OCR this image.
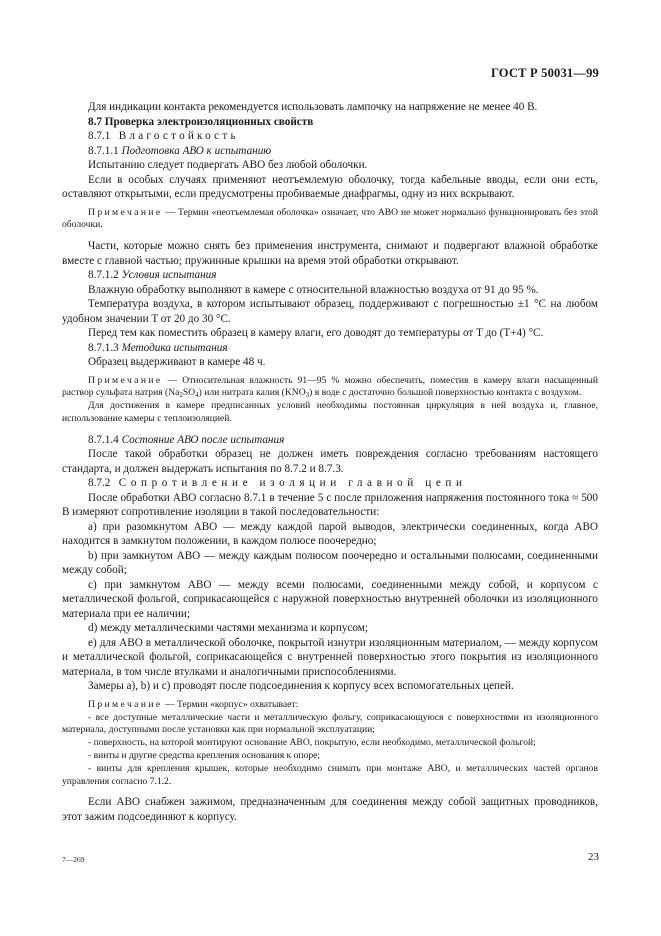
ГОСТ Р 50031—99

Для индикации контакта рекомендуется использовать лампочку на напряжение не менее 40 В.

8.7 Проверка электроизоляционных свойств

8.7.1 Влагостойкость

8.7.1.1 Подготовка АВО к испытанию

Испытанию следует подвергать АВО без любой оболочки.

Если в особых случаях применяют неотъемлемую оболочку, тогда кабельные вводы, если они есть, оставляют открытыми, если предусмотрены пробиваемые диафрагмы, одну из них вскрывают.

Примечание — Термин «неотъемлемая оболочка» означает, что АВО не может нормально функционировать без этой оболочки.

Части, которые можно снять без применения инструмента, снимают и подвергают влажной обработке вместе с главной частью; пружинные крышки на время этой обработки открывают.

8.7.1.2 Условия испытания

Влажную обработку выполняют в камере с относительной влажностью воздуха от 91 до 95 %.

Температура воздуха, в котором испытывают образец, поддерживают с погрешностью ±1 °С на любом удобном значении T от 20 до 30 °С.

Перед тем как поместить образец в камеру влаги, его доводят до температуры от T до (T+4) °С.

8.7.1.3 Методика испытания

Образец выдерживают в камере 48 ч.

Примечание — Относительная влажность 91—95 % можно обеспечить, поместив в камеру влаги насыщенный раствор сульфата натрия $(Na_2SO_4)$ или нитрата калия $(KNO_3)$ в воде с достаточно большой поверхностью контакта с воздухом.

Для достижения в камере предписанных условий необходимы постоянная циркуляция в ней воздуха и, главное, использование камеры с теплоизоляцией.

8.7.1.4 Состояние АВО после испытания

После такой обработки образец не должен иметь повреждения согласно требованиям настоящего стандарта, и должен выдержать испытания по 8.7.2 и 8.7.3.

8.7.2 Сопротивление изоляции главной цепи

После обработки АВО согласно 8.7.1 в течение 5 с после приложения напряжения постоянного тока ≈ 500 В измеряют сопротивление изоляции в такой последовательности:

а) при разомкнутом АВО — между каждой парой выводов, электрически соединенных, когда АВО находится в замкнутом положении, в каждом полюсе поочередно;

b) при замкнутом АВО — между каждым полюсом поочередно и остальными полюсами, соединенными между собой;

с) при замкнутом АВО — между всеми полюсами, соединенными между собой, и корпусом с металлической фольгой, соприкасающейся с наружной поверхностью внутренней оболочки из изоляционного материала при ее наличии;

d) между металлическими частями механизма и корпусом;

е) для АВО в металлической оболочке, покрытой изнутри изоляционным материалом, — между корпусом и металлической фольгой, соприкасающейся с внутренней поверхностью этого покрытия из изоляционного материала, в том числе втулками и аналогичными приспособлениями.

Замеры а), b) и с) проводят после подсоединения к корпусу всех вспомогательных цепей.

Примечание — Термин «корпус» охватывает:

- все доступные металлические части и металлическую фольгу, соприкасающуюся с поверхностями из изоляционного материала, доступными после установки как при нормальной эксплуатации;

- поверхность, на которой монтируют основание АВО, покрытую, если необходимо, металлической фольгой;

- винты и другие средства крепления основания к опоре;

- винты для крепления крышек, которые необходимо снимать при монтаже АВО, и металлических частей органов управления согласно 7.1.2.

Если АВО снабжен зажимом, предназначенным для соединения между собой защитных проводников, этот зажим подсоединяют к корпусу.

7—269	23
